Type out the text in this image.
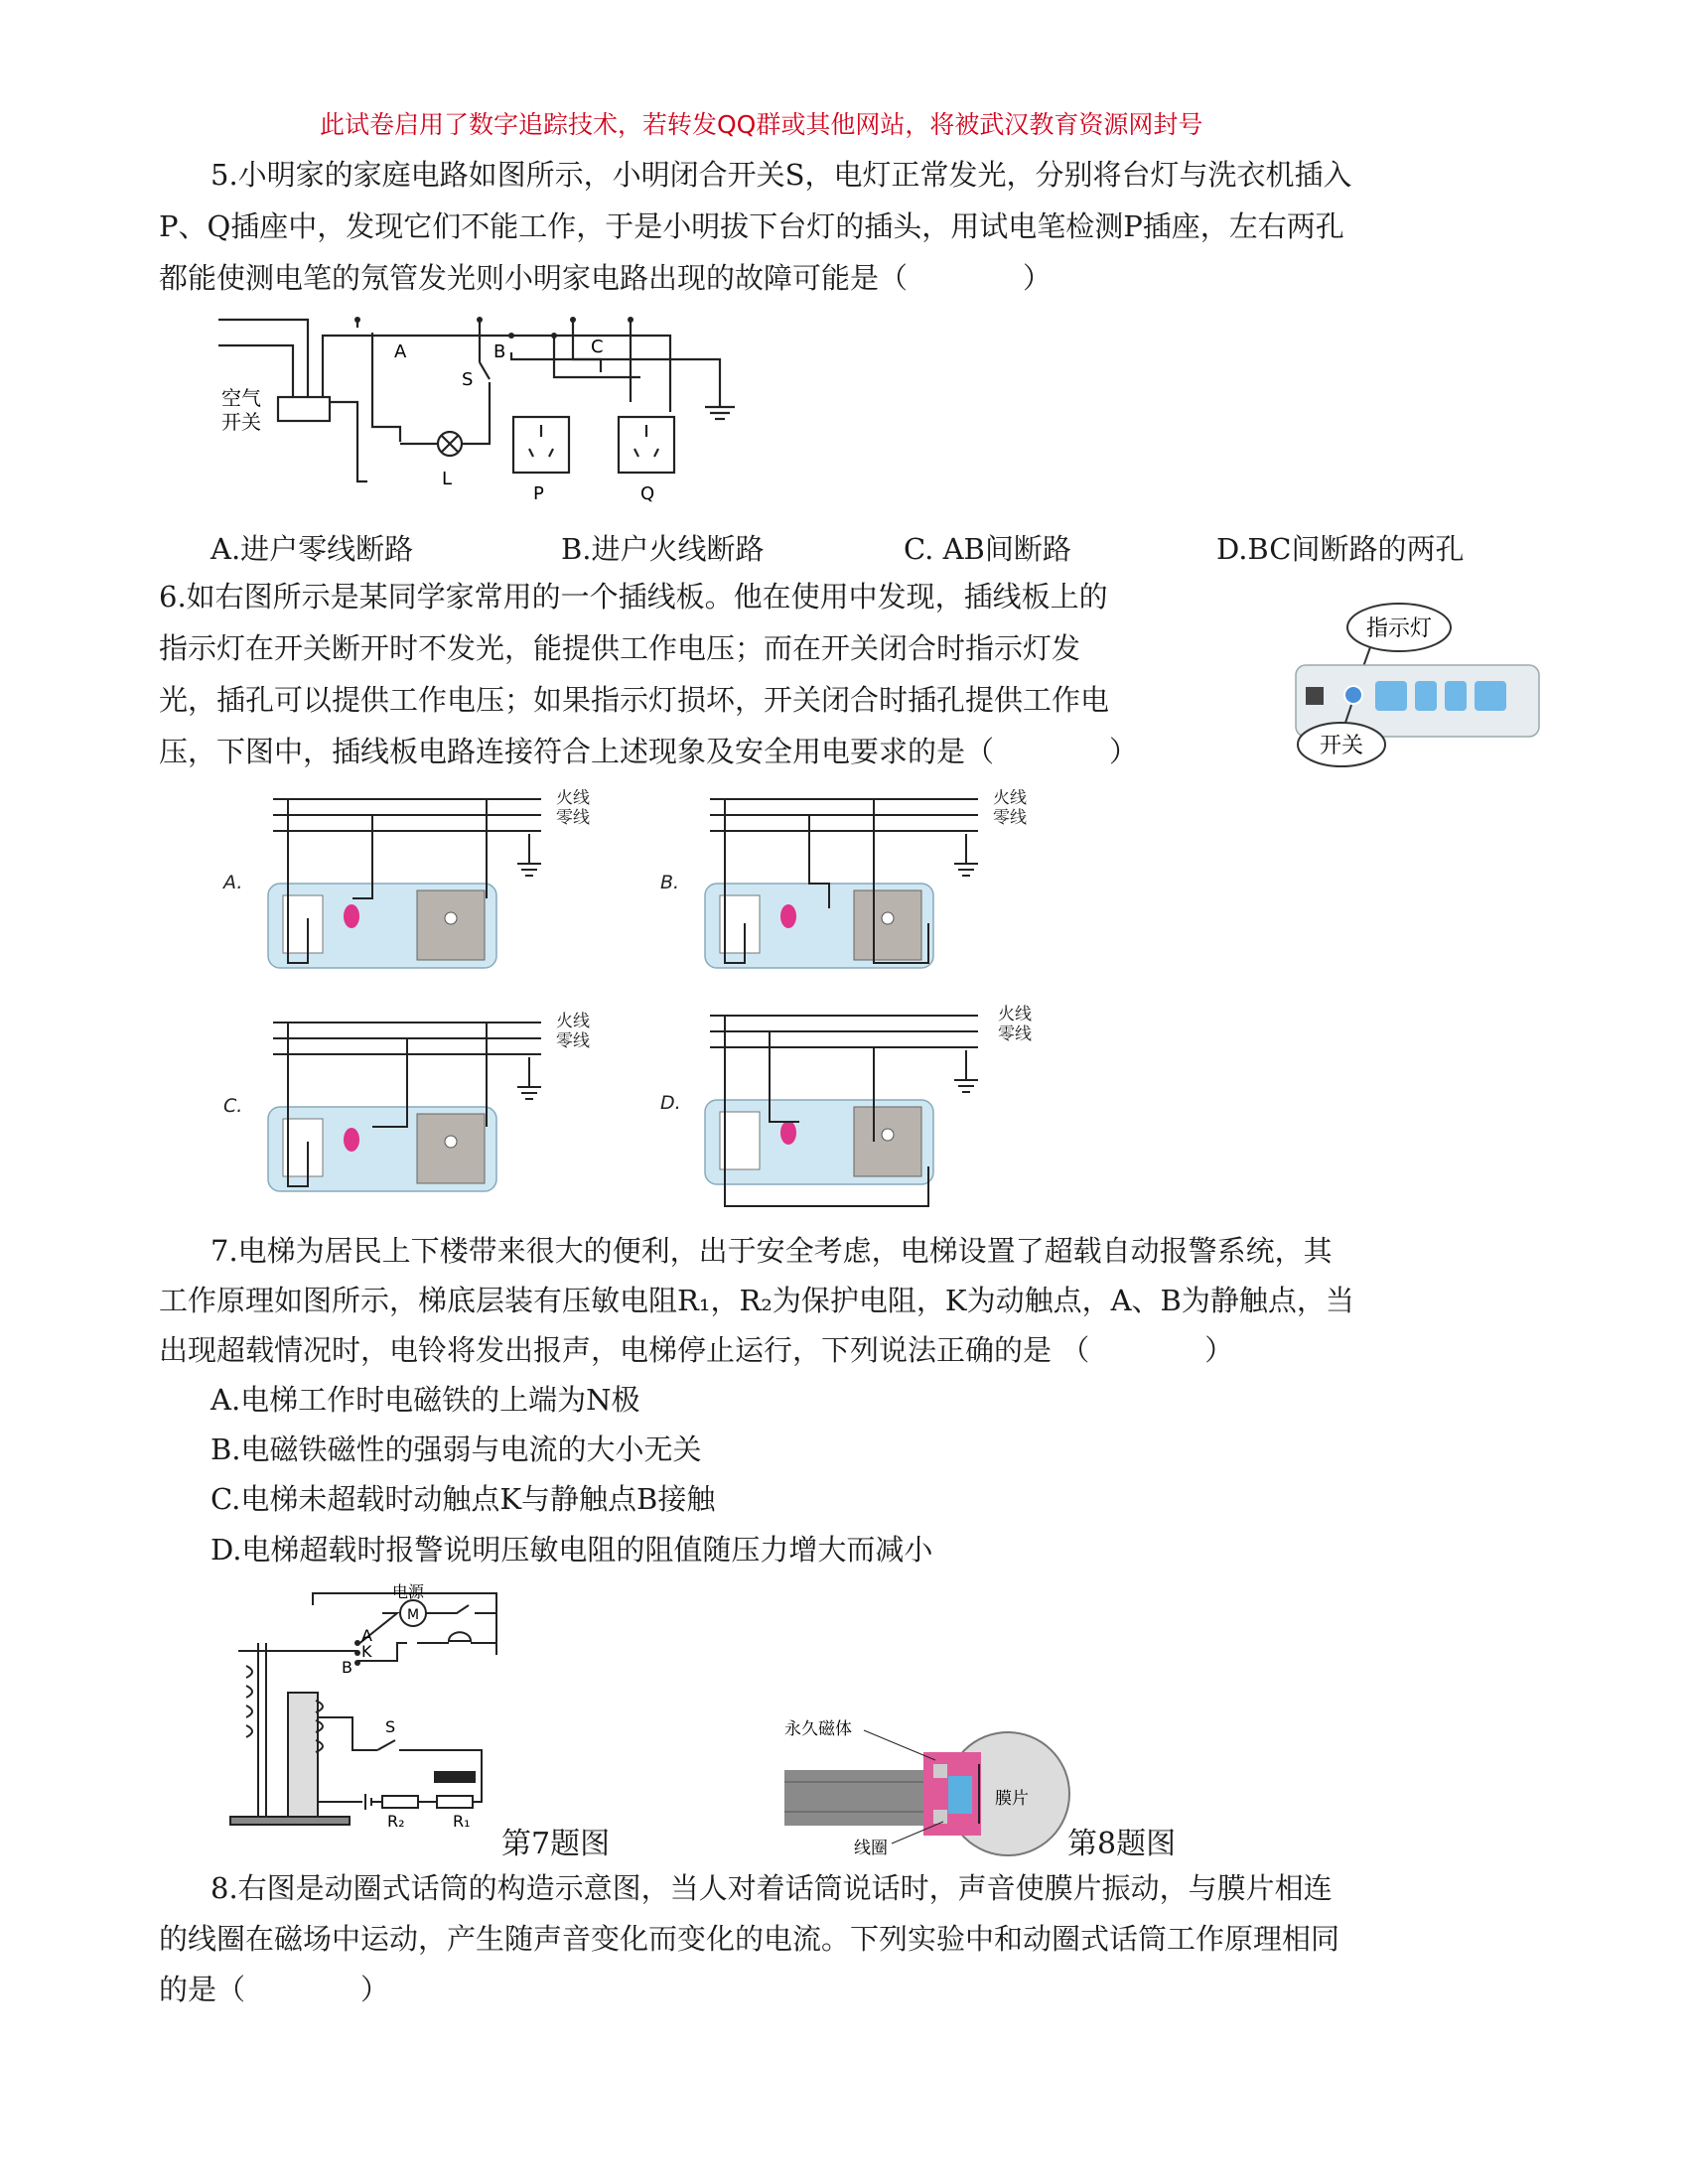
此试卷启用了数字追踪技术，若转发QQ群或其他网站，将被武汉教育资源网封号
5.小明家的家庭电路如图所示，小明闭合开关S，电灯正常发光，分别将台灯与洗衣机插入
P、Q插座中，发现它们不能工作，于是小明拔下台灯的插头，用试电笔检测P插座，左右两孔
都能使测电笔的氖管发光则小明家电路出现的故障可能是（　　　　）
空气
开关
A	B	C
S
L
P	Q
A.进户零线断路	B.进户火线断路	C. AB间断路	D.BC间断路的两孔
6.如右图所示是某同学家常用的一个插线板。他在使用中发现，插线板上的
指示灯在开关断开时不发光，能提供工作电压；而在开关闭合时指示灯发
光，插孔可以提供工作电压；如果指示灯损坏，开关闭合时插孔提供工作电
压，下图中，插线板电路连接符合上述现象及安全用电要求的是（　　　　）
指示灯
开关
火线
零线
火线
零线
火线
零线
火线
零线
A.	B.
C.	D.
7.电梯为居民上下楼带来很大的便利，出于安全考虑，电梯设置了超载自动报警系统，其
工作原理如图所示，梯底层装有压敏电阻R₁，R₂为保护电阻，K为动触点，A、B为静触点，当
出现超载情况时，电铃将发出报声，电梯停止运行，下列说法正确的是 （　　　　）
A.电梯工作时电磁铁的上端为N极
B.电磁铁磁性的强弱与电流的大小无关
C.电梯未超载时动触点K与静触点B接触
D.电梯超载时报警说明压敏电阻的阻值随压力增大而减小
电源
M
A
K
B
S
R₂	R₁
第7题图
永久磁体
膜片
线圈	第8题图
8.右图是动圈式话筒的构造示意图，当人对着话筒说话时，声音使膜片振动，与膜片相连
的线圈在磁场中运动，产生随声音变化而变化的电流。下列实验中和动圈式话筒工作原理相同
的是（　　　　）
